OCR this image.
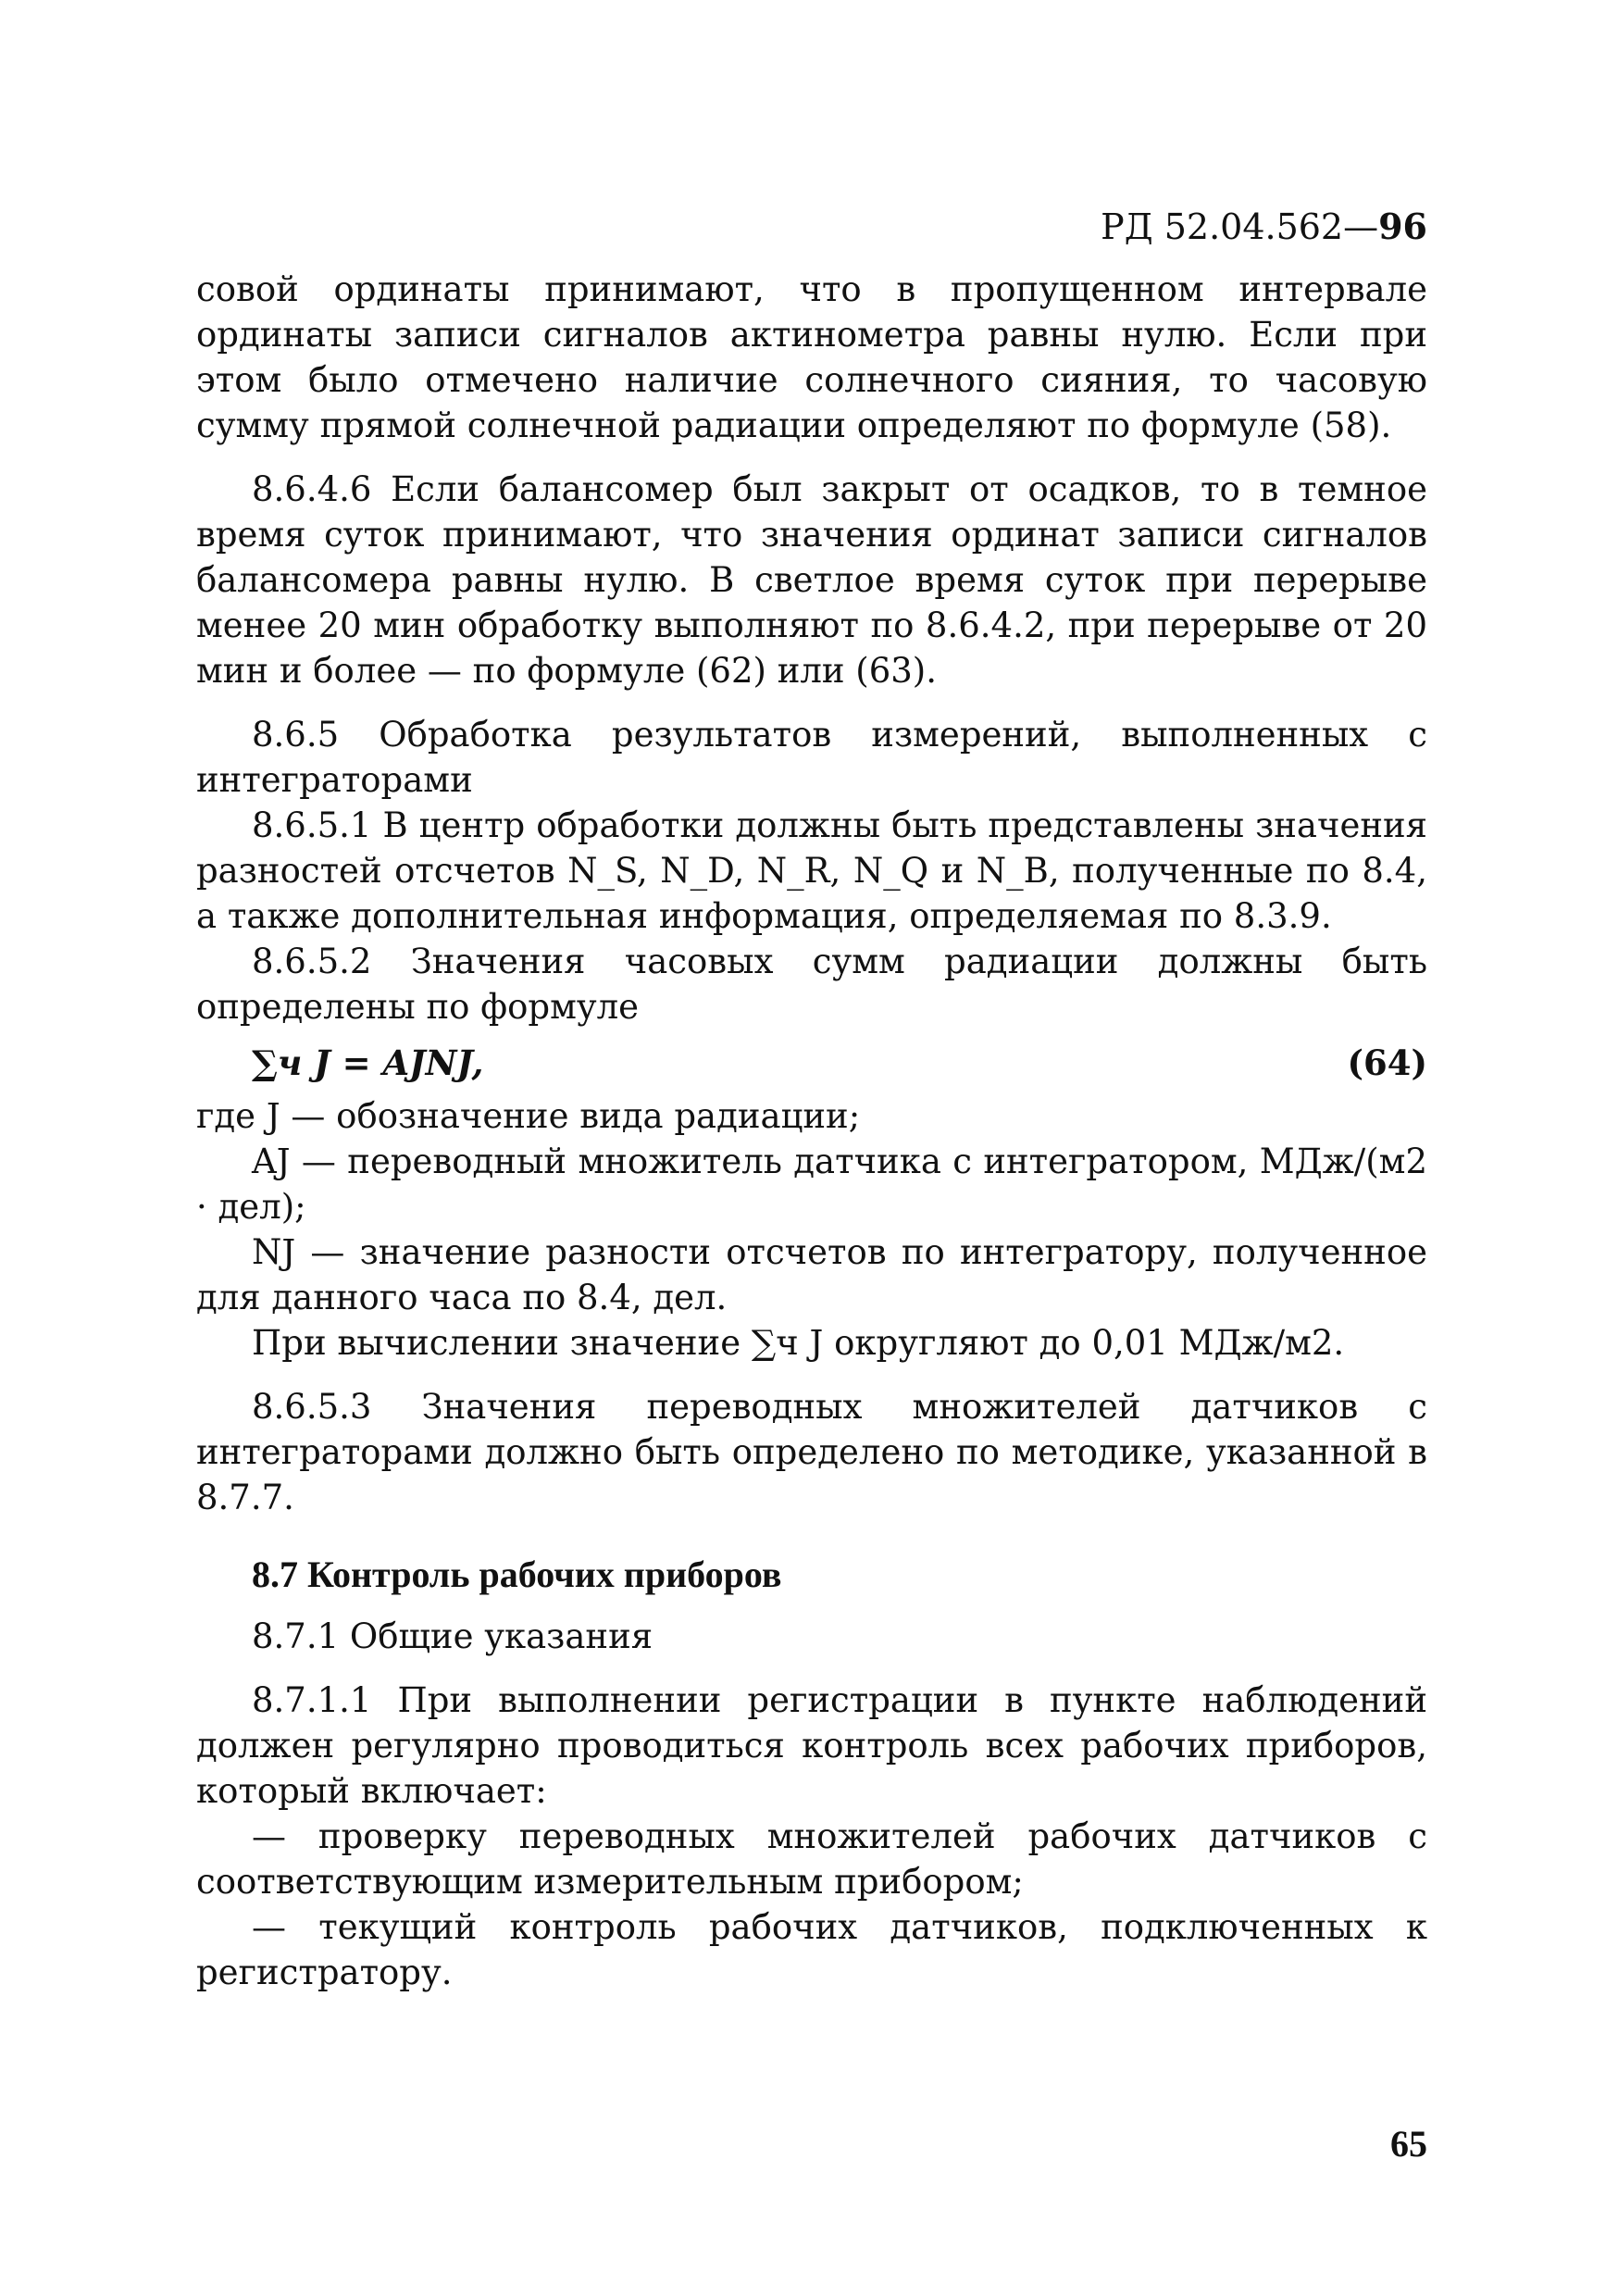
РД 52.04.562—96

совой ординаты принимают, что в пропущенном интервале ординаты записи сигналов актинометра равны нулю. Если при этом было отмечено наличие солнечного сияния, то часовую сумму прямой солнечной радиации определяют по формуле (58).

8.6.4.6 Если балансомер был закрыт от осадков, то в темное время суток принимают, что значения ординат записи сигналов балансомера равны нулю. В светлое время суток при перерыве менее 20 мин обработку выполняют по 8.6.4.2, при перерыве от 20 мин и более — по формуле (62) или (63).

8.6.5 Обработка результатов измерений, выполненных с интеграторами

8.6.5.1 В центр обработки должны быть представлены значения разностей отсчетов N_S, N_D, N_R, N_Q и N_B, полученные по 8.4, а также дополнительная информация, определяемая по 8.3.9.

8.6.5.2 Значения часовых сумм радиации должны быть определены по формуле

∑ч J = AJNJ,	(64)

где J — обозначение вида радиации;

AJ — переводный множитель датчика с интегратором, МДж/(м2 · дел);

NJ — значение разности отсчетов по интегратору, полученное для данного часа по 8.4, дел.

При вычислении значение ∑ч J округляют до 0,01 МДж/м2.

8.6.5.3 Значения переводных множителей датчиков с интеграторами должно быть определено по методике, указанной в 8.7.7.

8.7 Контроль рабочих приборов

8.7.1 Общие указания

8.7.1.1 При выполнении регистрации в пункте наблюдений должен регулярно проводиться контроль всех рабочих приборов, который включает:

— проверку переводных множителей рабочих датчиков с соответствующим измерительным прибором;

— текущий контроль рабочих датчиков, подключенных к регистратору.

65
